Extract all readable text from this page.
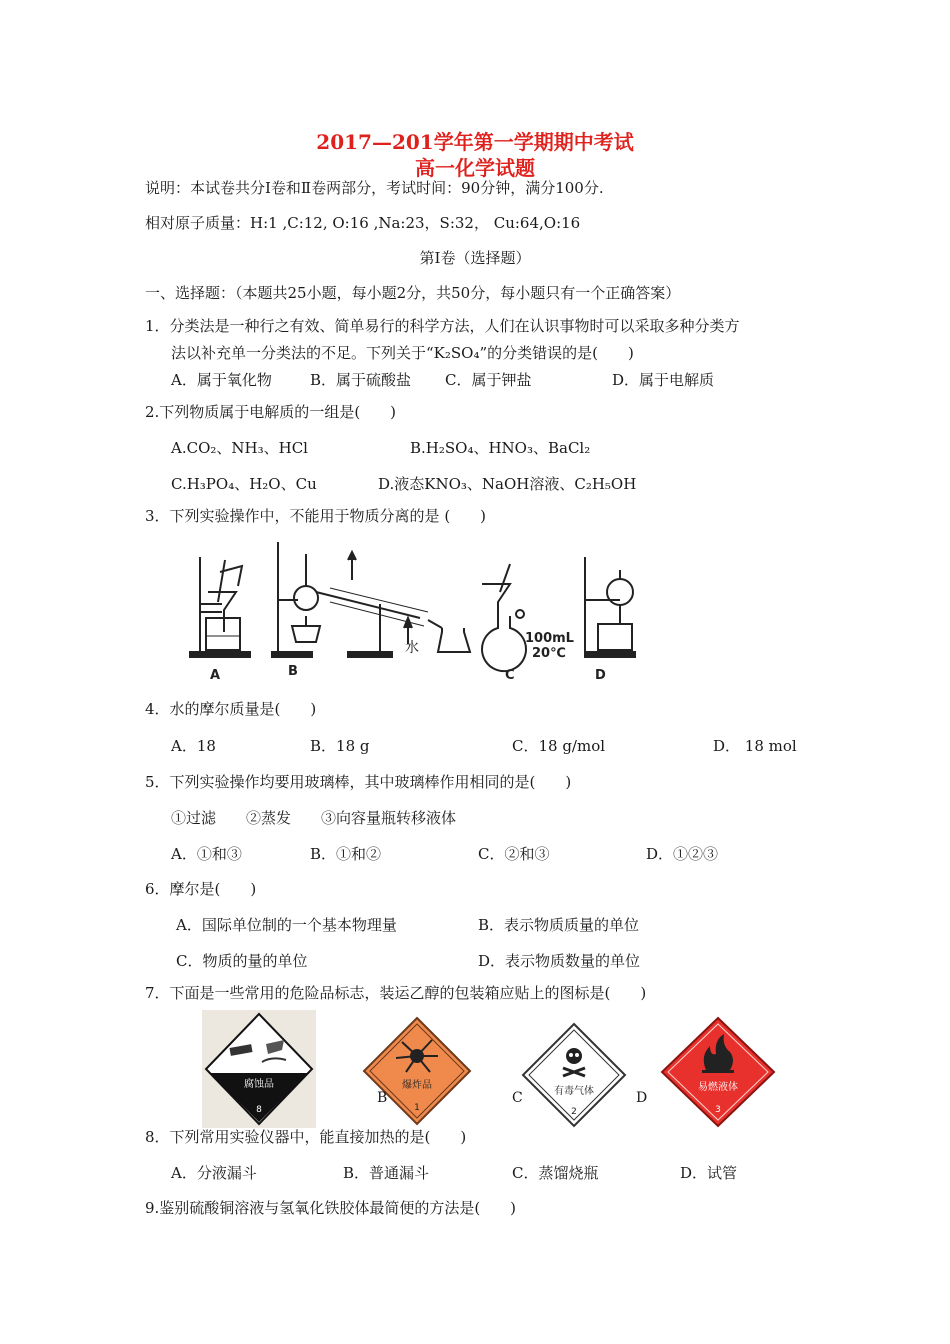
2017—201学年第一学期期中考试
高一化学试题
说明：本试卷共分Ⅰ卷和Ⅱ卷两部分，考试时间：90分钟，满分100分.
相对原子质量：H:1 ,C:12, O:16 ,Na:23，S:32， Cu:64,O:16
第Ⅰ卷（选择题）
一、选择题：（本题共25小题，每小题2分，共50分，每小题只有一个正确答案）
1．分类法是一种行之有效、简单易行的科学方法，人们在认识事物时可以采取多种分类方
法以补充单一分类法的不足。下列关于“K₂SO₄”的分类错误的是(　　)
A．属于氧化物	B．属于硫酸盐 C．属于钾盐	D．属于电解质
2.下列物质属于电解质的一组是(　　)
A.CO₂、NH₃、HCl	B.H₂SO₄、HNO₃、BaCl₂
C.H₃PO₄、H₂O、Cu	D.液态KNO₃、NaOH溶液、C₂H₅OH
3．下列实验操作中，不能用于物质分离的是 (　　)
水
100mL
20℃
A	B	C	D
4．水的摩尔质量是(　　)
A．18	B．18 g	C．18 g/mol	D． 18 mol
5．下列实验操作均要用玻璃棒，其中玻璃棒作用相同的是(　　)
①过滤　　②蒸发　　③向容量瓶转移液体
A．①和③	B．①和②	C．②和③	D．①②③
6．摩尔是(　　)
A．国际单位制的一个基本物理量	B．表示物质质量的单位
C．物质的量的单位	D．表示物质数量的单位
7．下面是一些常用的危险品标志，装运乙醇的包装箱应贴上的图标是(　　)
腐蚀品
8
爆炸品
1
B	有毒气体
2
C
易燃液体
3
D
8．下列常用实验仪器中，能直接加热的是(　　)
A．分液漏斗	B．普通漏斗	C．蒸馏烧瓶	D．试管
9.鉴别硫酸铜溶液与氢氧化铁胶体最简便的方法是(　　)
